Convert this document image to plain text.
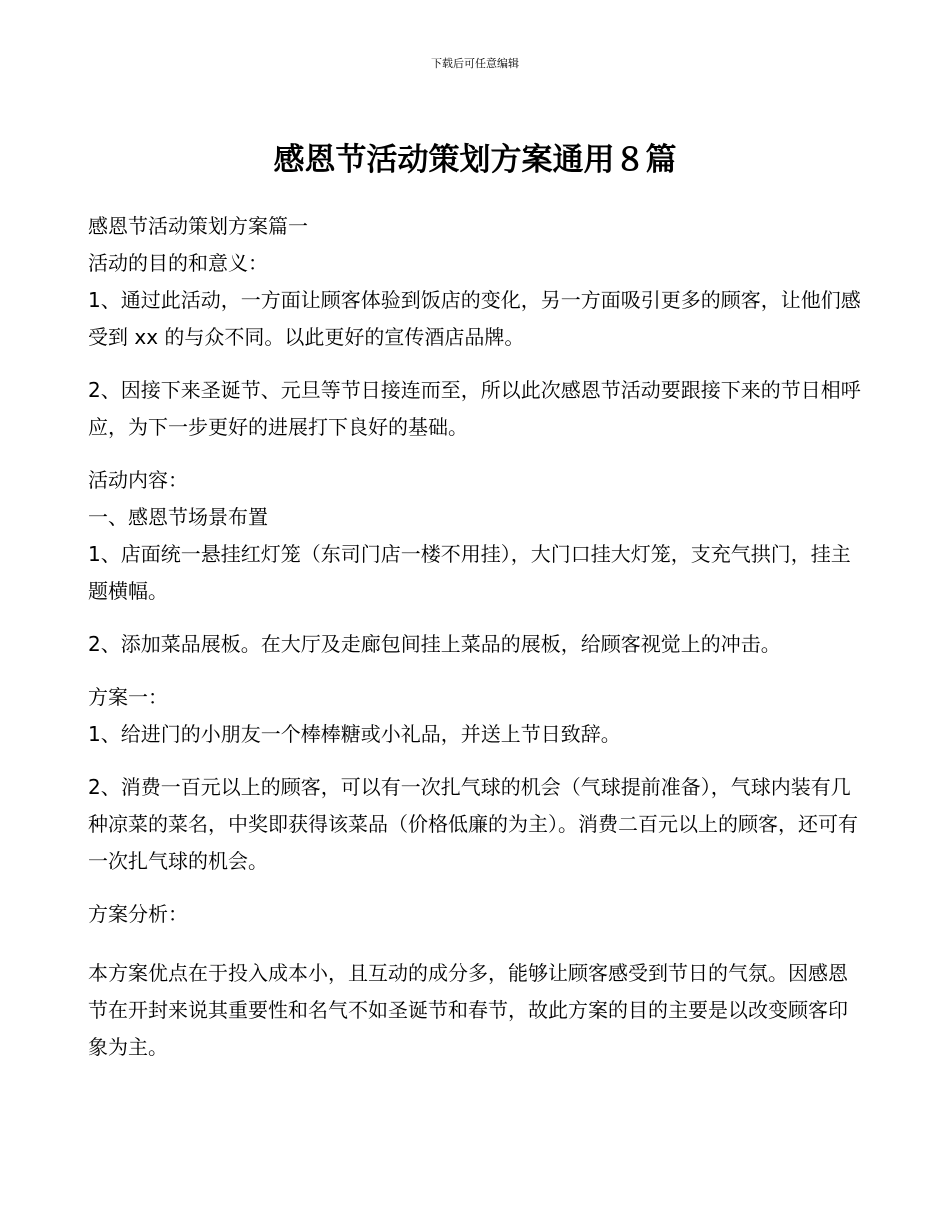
下载后可任意编辑
感恩节活动策划方案通用８篇

感恩节活动策划方案篇一

活动的目的和意义：

1、通过此活动，一方面让顾客体验到饭店的变化，另一方面吸引更多的顾客，让他们感受到 xx 的与众不同。以此更好的宣传酒店品牌。

2、因接下来圣诞节、元旦等节日接连而至，所以此次感恩节活动要跟接下来的节日相呼应，为下一步更好的进展打下良好的基础。

活动内容：

一、感恩节场景布置

1、店面统一悬挂红灯笼（东司门店一楼不用挂），大门口挂大灯笼，支充气拱门，挂主题横幅。

2、添加菜品展板。在大厅及走廊包间挂上菜品的展板，给顾客视觉上的冲击。

方案一：

1、给进门的小朋友一个棒棒糖或小礼品，并送上节日致辞。

2、消费一百元以上的顾客，可以有一次扎气球的机会（气球提前准备），气球内装有几种凉菜的菜名，中奖即获得该菜品（价格低廉的为主）。消费二百元以上的顾客，还可有一次扎气球的机会。

方案分析：

本方案优点在于投入成本小，且互动的成分多，能够让顾客感受到节日的气氛。因感恩节在开封来说其重要性和名气不如圣诞节和春节，故此方案的目的主要是以改变顾客印象为主。
